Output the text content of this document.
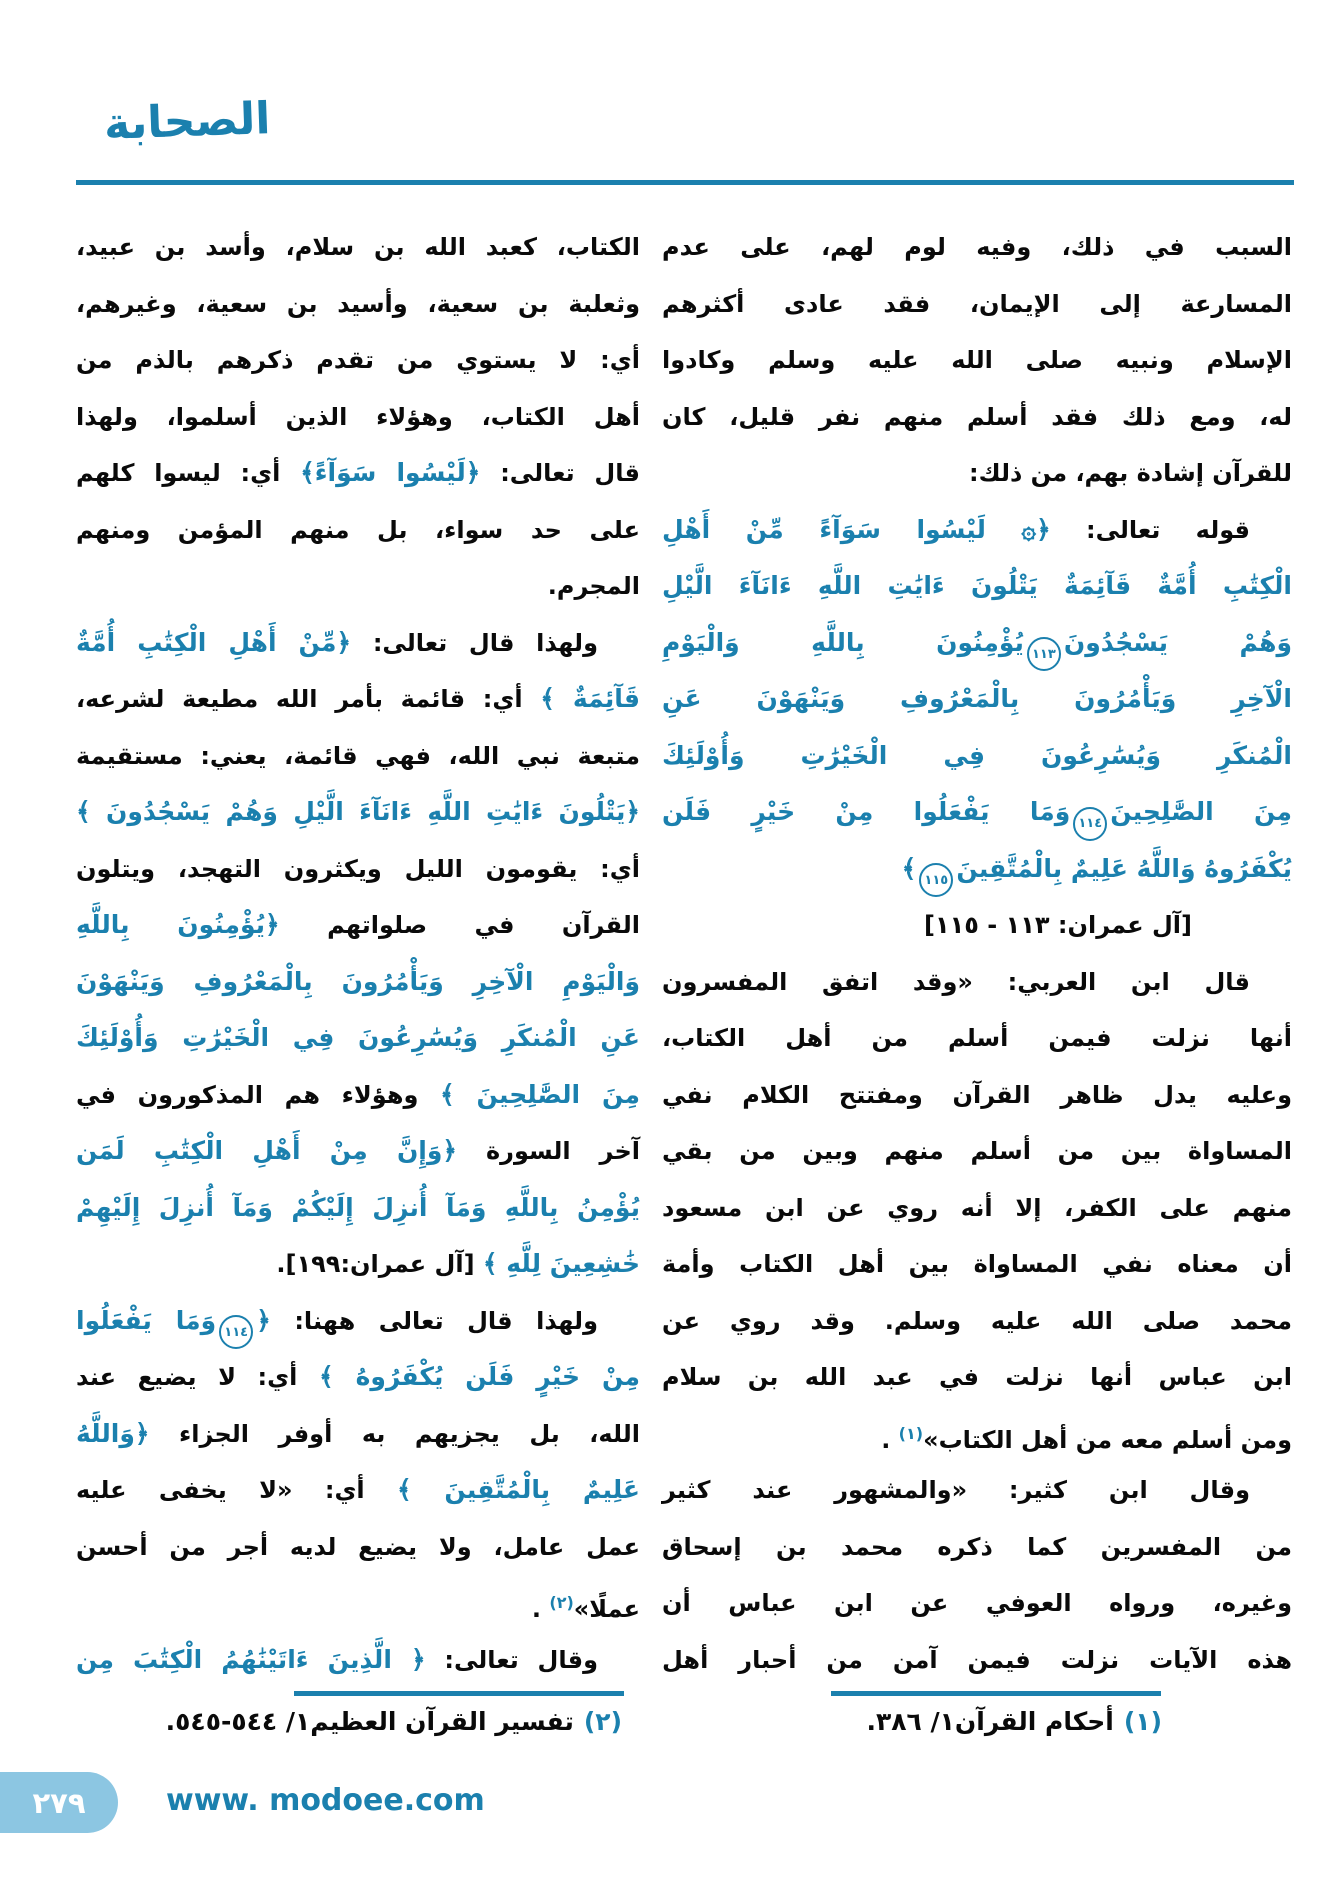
الصحابة
السبب في ذلك، وفيه لوم لهم، على عدم
المسارعة إلى الإيمان، فقد عادى أكثرهم
الإسلام ونبيه صلى الله عليه وسلم وكادوا
له، ومع ذلك فقد أسلم منهم نفر قليل، كان
للقرآن إشادة بهم، من ذلك:
قوله تعالى: ﴿۞ لَيْسُوا سَوَآءً مِّنْ أَهْلِ
الْكِتَٰبِ أُمَّةٌ قَآئِمَةٌ يَتْلُونَ ءَايَٰتِ اللَّهِ ءَانَآءَ الَّيْلِ
وَهُمْ يَسْجُدُونَ١١٣يُؤْمِنُونَ بِاللَّهِ وَالْيَوْمِ
الْآخِرِ وَيَأْمُرُونَ بِالْمَعْرُوفِ وَيَنْهَوْنَ عَنِ
الْمُنكَرِ وَيُسَٰرِعُونَ فِي الْخَيْرَٰتِ وَأُوْلَئِكَ
مِنَ الصَّٰلِحِينَ١١٤وَمَا يَفْعَلُوا مِنْ خَيْرٍ فَلَن
يُكْفَرُوهُ وَاللَّهُ عَلِيمٌ بِالْمُتَّقِينَ١١٥﴾
[آل عمران: ١١٣ - ١١٥]
قال ابن العربي: «وقد اتفق المفسرون
أنها نزلت فيمن أسلم من أهل الكتاب،
وعليه يدل ظاهر القرآن ومفتتح الكلام نفي
المساواة بين من أسلم منهم وبين من بقي
منهم على الكفر، إلا أنه روي عن ابن مسعود
أن معناه نفي المساواة بين أهل الكتاب وأمة
محمد صلى الله عليه وسلم. وقد روي عن
ابن عباس أنها نزلت في عبد الله بن سلام
ومن أسلم معه من أهل الكتاب»$^{(١)}$ .
وقال ابن كثير: «والمشهور عند كثير
من المفسرين كما ذكره محمد بن إسحاق
وغيره، ورواه العوفي عن ابن عباس أن
هذه الآيات نزلت فيمن آمن من أحبار أهل
الكتاب، كعبد الله بن سلام، وأسد بن عبيد،
وثعلبة بن سعية، وأسيد بن سعية، وغيرهم،
أي: لا يستوي من تقدم ذكرهم بالذم من
أهل الكتاب، وهؤلاء الذين أسلموا، ولهذا
قال تعالى: ﴿لَيْسُوا سَوَآءً﴾ أي: ليسوا كلهم
على حد سواء، بل منهم المؤمن ومنهم
المجرم.
ولهذا قال تعالى: ﴿مِّنْ أَهْلِ الْكِتَٰبِ أُمَّةٌ
قَآئِمَةٌ ﴾ أي: قائمة بأمر الله مطيعة لشرعه،
متبعة نبي الله، فهي قائمة، يعني: مستقيمة
﴿يَتْلُونَ ءَايَٰتِ اللَّهِ ءَانَآءَ الَّيْلِ وَهُمْ يَسْجُدُونَ ﴾
أي: يقومون الليل ويكثرون التهجد، ويتلون
القرآن في صلواتهم ﴿يُؤْمِنُونَ بِاللَّهِ
وَالْيَوْمِ الْآخِرِ وَيَأْمُرُونَ بِالْمَعْرُوفِ وَيَنْهَوْنَ
عَنِ الْمُنكَرِ وَيُسَٰرِعُونَ فِي الْخَيْرَٰتِ وَأُوْلَئِكَ
مِنَ الصَّٰلِحِينَ ﴾ وهؤلاء هم المذكورون في
آخر السورة ﴿وَإِنَّ مِنْ أَهْلِ الْكِتَٰبِ لَمَن
يُؤْمِنُ بِاللَّهِ وَمَآ أُنزِلَ إِلَيْكُمْ وَمَآ أُنزِلَ إِلَيْهِمْ
خَٰشِعِينَ لِلَّهِ ﴾ [آل عمران:١٩٩].
ولهذا قال تعالى ههنا: ﴿١١٤وَمَا يَفْعَلُوا
مِنْ خَيْرٍ فَلَن يُكْفَرُوهُ ﴾ أي: لا يضيع عند
الله، بل يجزيهم به أوفر الجزاء ﴿وَاللَّهُ
عَلِيمٌ بِالْمُتَّقِينَ ﴾ أي: «لا يخفى عليه
عمل عامل، ولا يضيع لديه أجر من أحسن
عملًا»$^{(٢)}$ .
وقال تعالى: ﴿ الَّذِينَ ءَاتَيْنَٰهُمُ الْكِتَٰبَ مِن
(١)أحكام القرآن١/ ٣٨٦.
(٢)تفسير القرآن العظيم١/ ٥٤٤-٥٤٥.
٢٧٩	www. modoee.com
